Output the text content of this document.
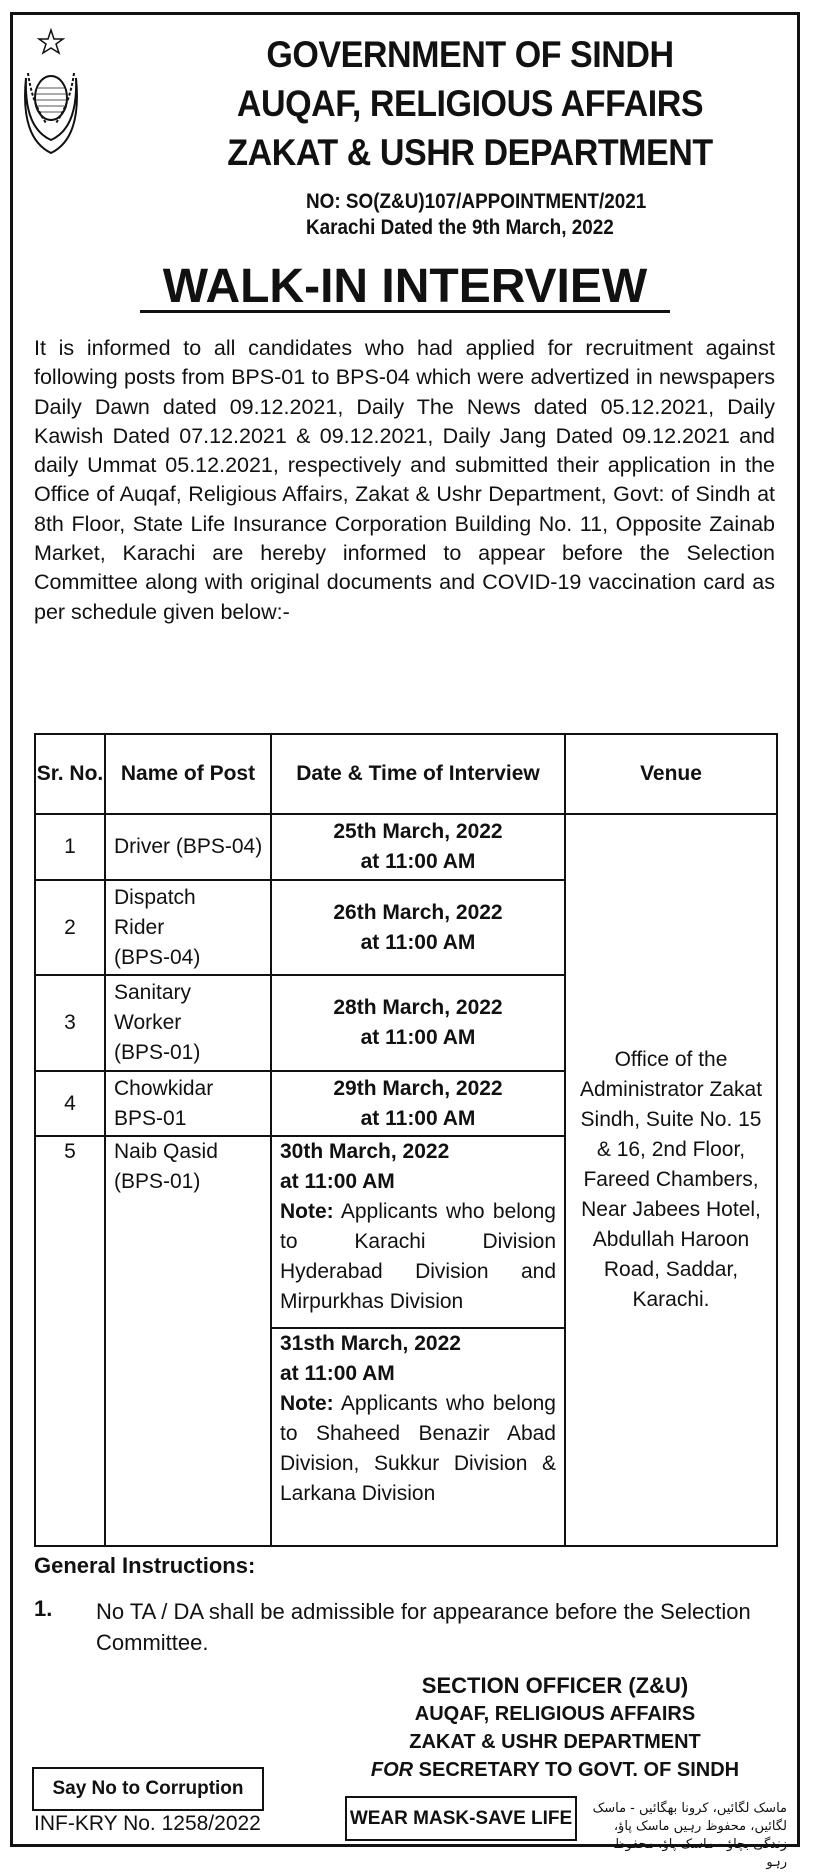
GOVERNMENT OF SINDH
AUQAF, RELIGIOUS AFFAIRS
ZAKAT & USHR DEPARTMENT
NO: SO(Z&U)107/APPOINTMENT/2021
Karachi Dated the 9th March, 2022
WALK-IN INTERVIEW
It is informed to all candidates who had applied for recruitment against following posts from BPS-01 to BPS-04 which were advertized in newspapers Daily Dawn dated 09.12.2021, Daily The News dated 05.12.2021, Daily Kawish Dated 07.12.2021 & 09.12.2021, Daily Jang Dated 09.12.2021 and daily Ummat 05.12.2021, respectively and submitted their application in the Office of Auqaf, Religious Affairs, Zakat & Ushr Department, Govt: of Sindh at 8th Floor, State Life Insurance Corporation Building No. 11, Opposite Zainab Market, Karachi are hereby informed to appear before the Selection Committee along with original documents and COVID-19 vaccination card as per schedule given below:-
Sr. No.	Name of Post	Date & Time of Interview	Venue
1	Driver (BPS-04)	25th March, 2022
at 11:00 AM	Office of the Administrator Zakat Sindh, Suite No. 15 & 16, 2nd Floor, Fareed Chambers, Near Jabees Hotel, Abdullah Haroon Road, Saddar, Karachi.

2	Dispatch Rider (BPS-04)	26th March, 2022
at 11:00 AM	

3	Sanitary Worker (BPS-01)	28th March, 2022
at 11:00 AM	

4	Chowkidar BPS-01	29th March, 2022
at 11:00 AM	

5	Naib Qasid (BPS-01)	30th March, 2022
at 11:00 AM
Note: Applicants who belong to Karachi Division Hyderabad Division and Mirpurkhas Division	

		31sth March, 2022
at 11:00 AM
Note: Applicants who belong to Shaheed Benazir Abad Division, Sukkur Division & Larkana Division	
General Instructions:
1. No TA / DA shall be admissible for appearance before the Selection Committee.
SECTION OFFICER (Z&U)
AUQAF, RELIGIOUS AFFAIRS
ZAKAT & USHR DEPARTMENT
FOR SECRETARY TO GOVT. OF SINDH
Say No to Corruption
INF-KRY No. 1258/2022	WEAR MASK-SAVE LIFE	ماسک لگائیں، کرونا بھگائیں - ماسک لگائیں، محفوظ رہیں ماسک پاؤ، زندگی بچاؤ - ماسک پاؤ، محفوظ رہو
